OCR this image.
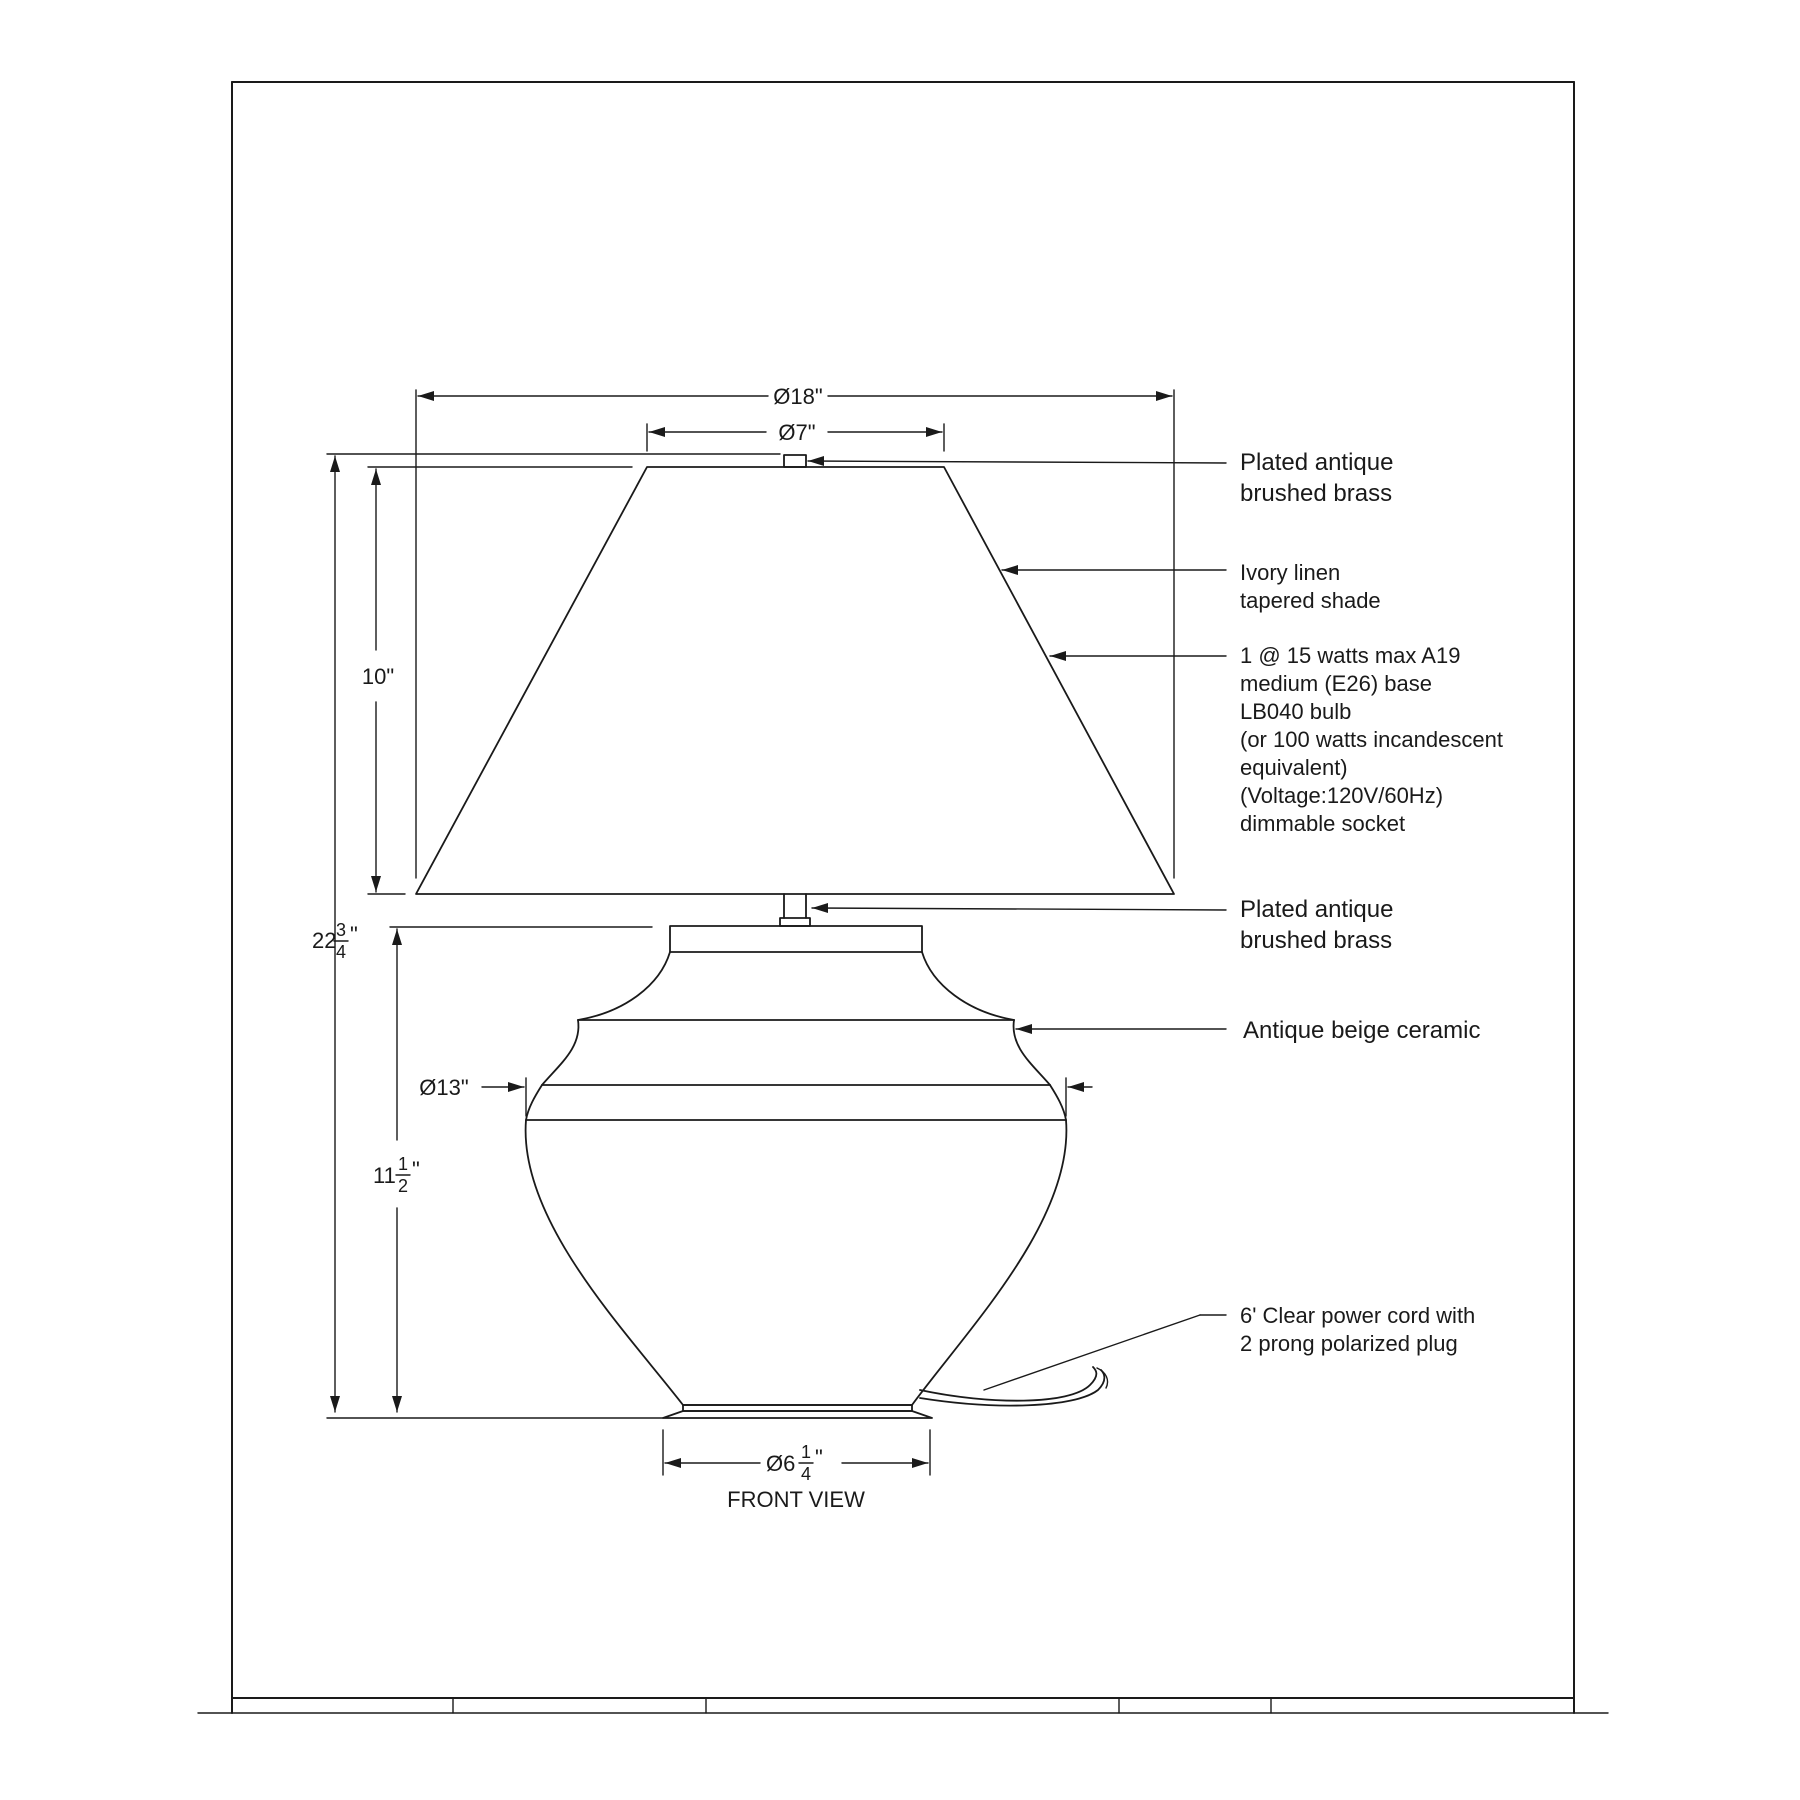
Ø18"
Ø7"
10"
22 3
4
"
Ø13"
11 1
2
"
Ø6 1
4
"
FRONT VIEW
Plated antique
brushed brass
Ivory linen
tapered shade
1 @ 15 watts max A19
medium (E26) base
LB040 bulb
(or 100 watts incandescent
equivalent)
(Voltage:120V/60Hz)
dimmable socket
Plated antique
brushed brass
Antique beige ceramic
6' Clear power cord with
2 prong polarized plug
